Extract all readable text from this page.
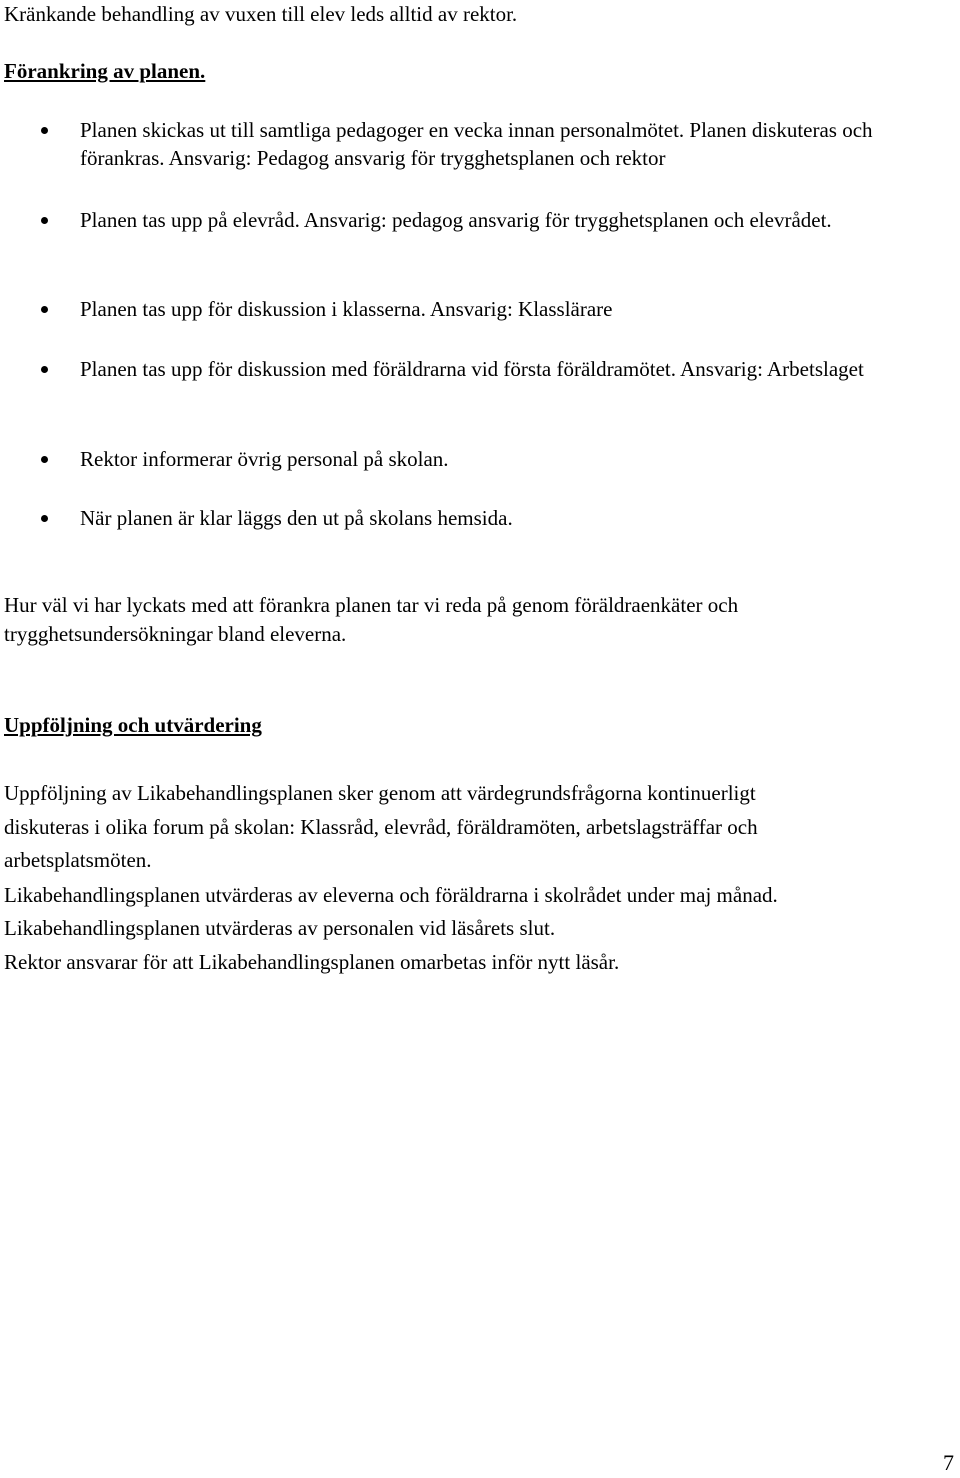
Kränkande behandling av vuxen till elev leds alltid av rektor.

Förankring av planen.

Planen skickas ut till samtliga pedagoger en vecka innan personalmötet. Planen diskuteras och förankras. Ansvarig: Pedagog ansvarig för trygghetsplanen och rektor
Planen tas upp på elevråd. Ansvarig: pedagog ansvarig för trygghetsplanen och elevrådet.
Planen tas upp för diskussion i klasserna. Ansvarig: Klasslärare
Planen tas upp för diskussion med föräldrarna vid första föräldramötet. Ansvarig: Arbetslaget
Rektor informerar övrig personal på skolan.
När planen är klar läggs den ut på skolans hemsida.

Hur väl vi har lyckats med att förankra planen tar vi reda på genom föräldraenkäter och

trygghetsundersökningar bland eleverna.

Uppföljning och utvärdering

Uppföljning av Likabehandlingsplanen sker genom att värdegrundsfrågorna kontinuerligt

diskuteras i olika forum på skolan: Klassråd, elevråd, föräldramöten, arbetslagsträffar och

arbetsplatsmöten.

Likabehandlingsplanen utvärderas av eleverna och föräldrarna i skolrådet under maj månad.

Likabehandlingsplanen utvärderas av personalen vid läsårets slut.

Rektor ansvarar för att Likabehandlingsplanen omarbetas inför nytt läsår.

7
